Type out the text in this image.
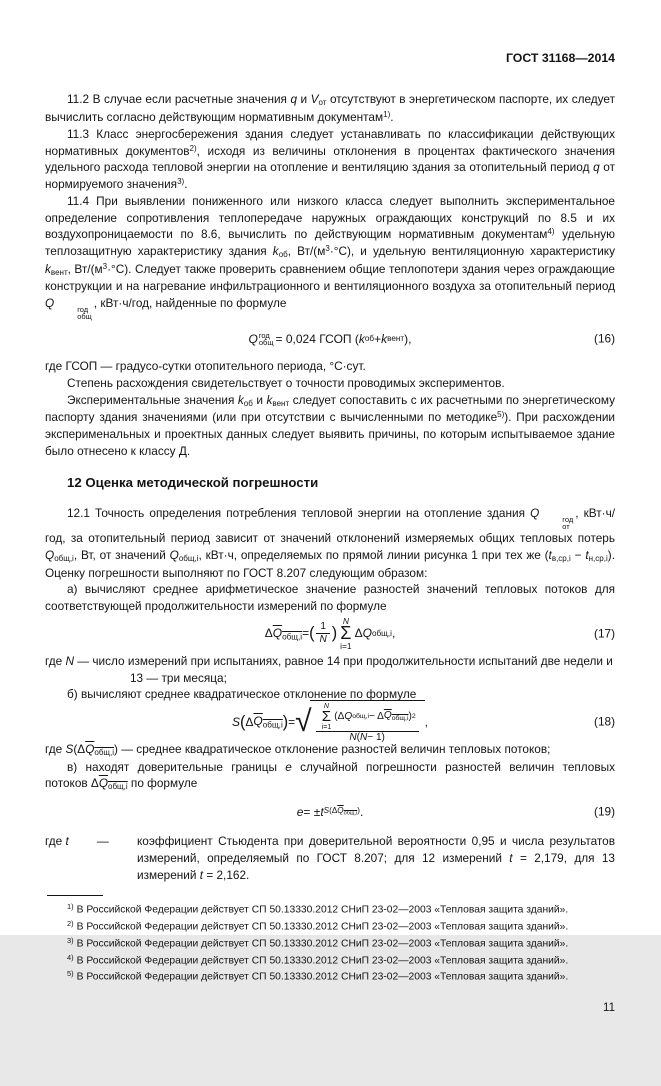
ГОСТ 31168—2014
11.2 В случае если расчетные значения q и $V_{от}$ отсутствуют в энергетическом паспорте, их следует вычислить согласно действующим нормативным документам$^{1)}$.
11.3 Класс энергосбережения здания следует устанавливать по классификации действующих нормативных документов$^{2)}$, исходя из величины отклонения в процентах фактического значения удельного расхода тепловой энергии на отопление и вентиляцию здания за отопительный период q от нормируемого значения$^{3)}$.
11.4 При выявлении пониженного или низкого класса следует выполнить экспериментальное определение сопротивления теплопередаче наружных ограждающих конструкций по 8.5 и их воздухопроницаемости по 8.6, вычислить по действующим нормативным документам$^{4)}$ удельную теплозащитную характеристику здания $k_{об}$, $Вт/(м^3\cdot^\circ С)$, и удельную вентиляционную характеристику $k_{вент}$, $Вт/(м^3\cdot^\circ С)$. Следует также проверить сравнением общие теплопотери здания через ограждающие конструкции и на нагревание инфильтрационного и вентиляционного воздуха за отопительный период Q	год
общ
, кВт·ч/год, найденные по формуле
Q год
общ = 0,024 ГСОП ( k об + k вент ),	(16)
где ГСОП — градусо-сутки отопительного периода, °С·сут.
Степень расхождения свидетельствует о точности проводимых экспериментов.
Экспериментальные значения $k_{об}$ и $k_{вент}$ следует сопоставить с их расчетными по энергетическому паспорту здания значениями (или при отсутствии с вычисленными по методике$^{5)}$). При расхождении эксперименальных и проектных данных следует выявить причины, по которым испытываемое здание было отнесено к классу Д.
12 Оценка методической погрешности
12.1 Точность определения потребления тепловой энергии на отопление здания Q	год
от
, кВт·ч/год, за отопительный период зависит от значений отклонений измеряемых общих тепловых потерь $Q_{общ,i}$, Вт, от значений $Q_{общ,i}$, кВт·ч, определяемых по прямой линии рисунка 1 при тех же $(t_{в,ср,i} - t_{н,ср,i})$. Оценку погрешности выполняют по ГОСТ 8.207 следующим образом:
а) вычисляют среднее арифметическое значение разностей значений тепловых потоков для соответствующей продолжительности измерений по формуле
Δ $Q_{общ,i}$ = ( $\frac{1}{N}$ )
N
Σ
i=1
Δ Q общ,i ,	(17)
где N — число измерений при испытаниях, равное 14 при продолжительности испытаний две недели и
13 — три месяца;
б) вычисляют среднее квадратическое отклонение по формуле
S ( Δ $Q_{общ,i}$ ) = √ N
Σ
i=1
(Δ Q общ,i − Δ $Q_{общ,i}$ ) 2
N ( N − 1) ,	(18)
где $S(\Delta Q_{общ,i})$ — среднее квадратическое отклонение разностей величин тепловых потоков;
в) находят доверительные границы е случайной погрешности разностей величин тепловых потоков $\Delta Q_{общ,i}$ по формуле
е = ± t $S(\Delta Q_{общ,i})$ .	(19)
где t	—	коэффициент Стьюдента при доверительной вероятности 0,95 и числа результатов измерений, определяемый по ГОСТ 8.207; для 12 измерений t = 2,179, для 13 измерений t = 2,162.
$^{1)}$ В Российской Федерации действует СП 50.13330.2012 СНиП 23-02—2003 «Тепловая защита зданий».
$^{2)}$ В Российской Федерации действует СП 50.13330.2012 СНиП 23-02—2003 «Тепловая защита зданий».
$^{3)}$ В Российской Федерации действует СП 50.13330.2012 СНиП 23-02—2003 «Тепловая защита зданий».
$^{4)}$ В Российской Федерации действует СП 50.13330.2012 СНиП 23-02—2003 «Тепловая защита зданий».
$^{5)}$ В Российской Федерации действует СП 50.13330.2012 СНиП 23-02—2003 «Тепловая защита зданий».
11
